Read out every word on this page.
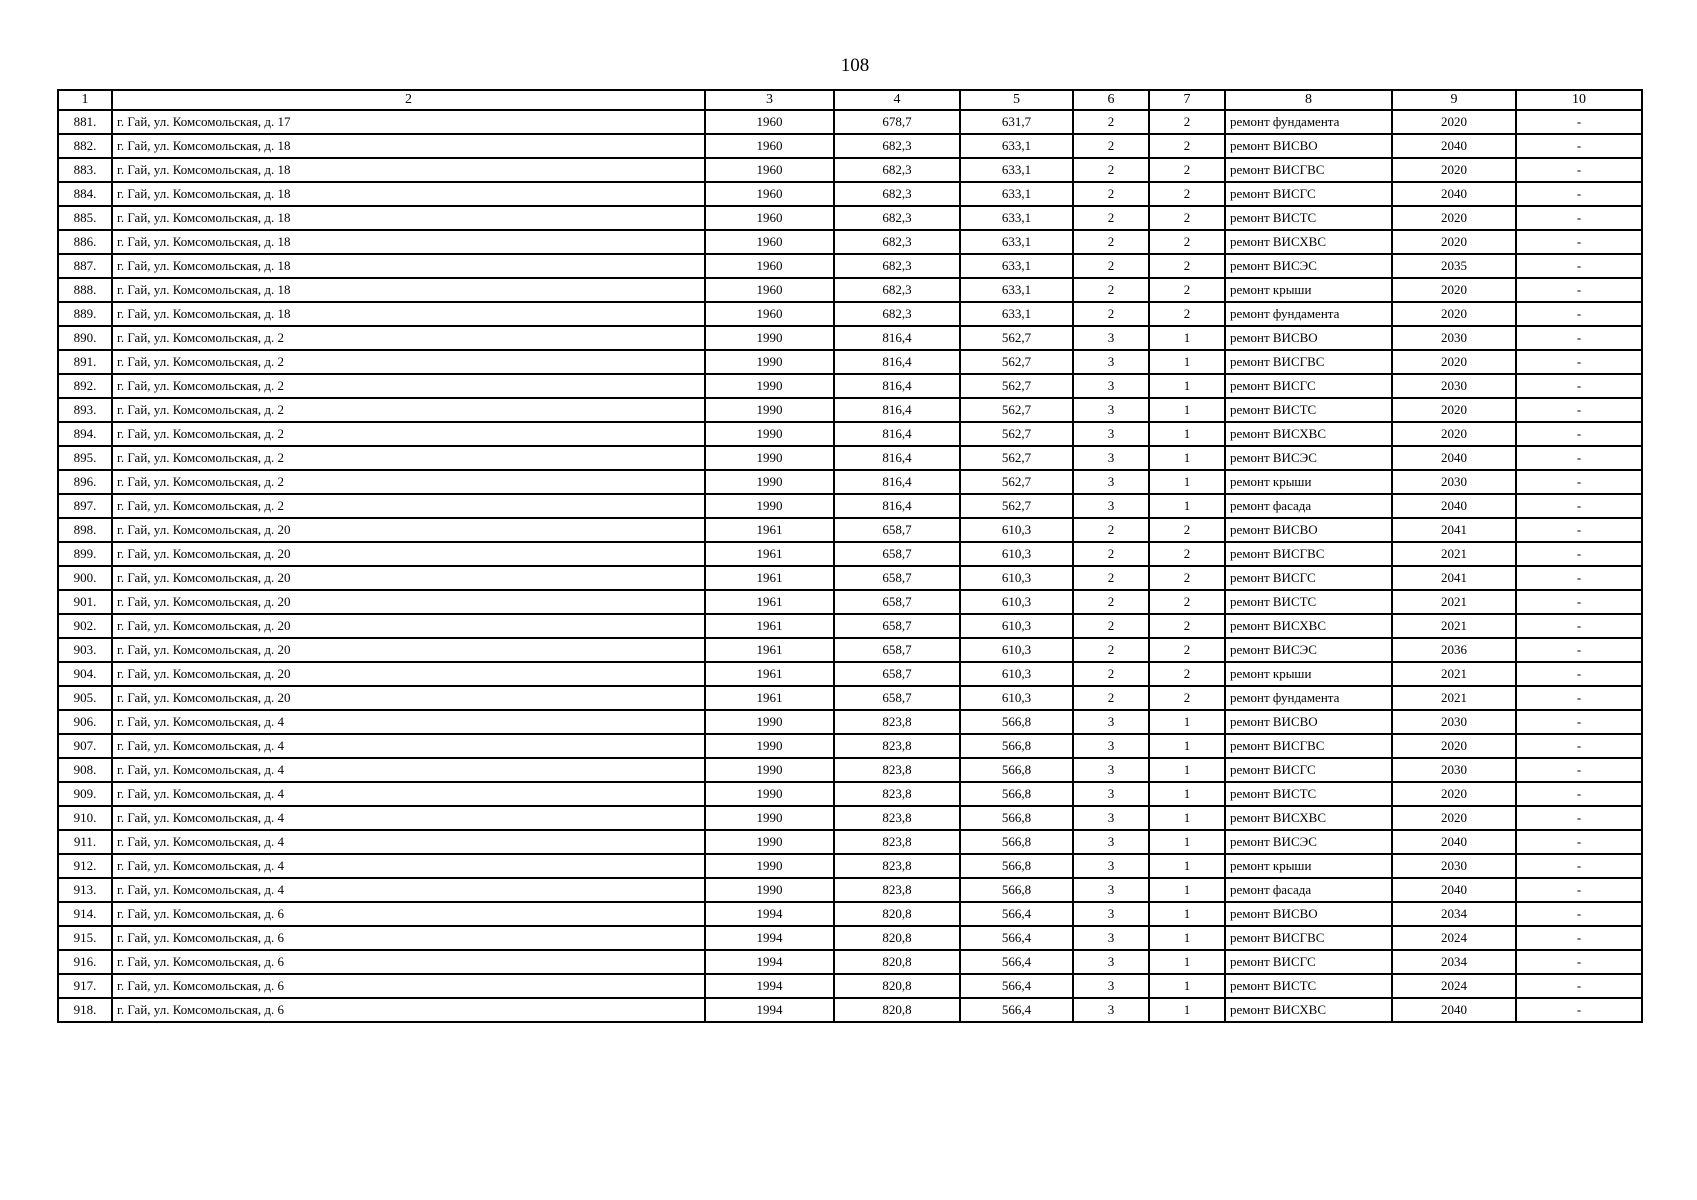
108
1	2	3	4	5	6	7	8	9	10
881.	г. Гай, ул. Комсомольская, д. 17	1960	678,7	631,7	2	2	ремонт фундамента	2020	-
882.	г. Гай, ул. Комсомольская, д. 18	1960	682,3	633,1	2	2	ремонт ВИСВО	2040	-
883.	г. Гай, ул. Комсомольская, д. 18	1960	682,3	633,1	2	2	ремонт ВИСГВС	2020	-
884.	г. Гай, ул. Комсомольская, д. 18	1960	682,3	633,1	2	2	ремонт ВИСГС	2040	-
885.	г. Гай, ул. Комсомольская, д. 18	1960	682,3	633,1	2	2	ремонт ВИСТС	2020	-
886.	г. Гай, ул. Комсомольская, д. 18	1960	682,3	633,1	2	2	ремонт ВИСХВС	2020	-
887.	г. Гай, ул. Комсомольская, д. 18	1960	682,3	633,1	2	2	ремонт ВИСЭС	2035	-
888.	г. Гай, ул. Комсомольская, д. 18	1960	682,3	633,1	2	2	ремонт крыши	2020	-
889.	г. Гай, ул. Комсомольская, д. 18	1960	682,3	633,1	2	2	ремонт фундамента	2020	-
890.	г. Гай, ул. Комсомольская, д. 2	1990	816,4	562,7	3	1	ремонт ВИСВО	2030	-
891.	г. Гай, ул. Комсомольская, д. 2	1990	816,4	562,7	3	1	ремонт ВИСГВС	2020	-
892.	г. Гай, ул. Комсомольская, д. 2	1990	816,4	562,7	3	1	ремонт ВИСГС	2030	-
893.	г. Гай, ул. Комсомольская, д. 2	1990	816,4	562,7	3	1	ремонт ВИСТС	2020	-
894.	г. Гай, ул. Комсомольская, д. 2	1990	816,4	562,7	3	1	ремонт ВИСХВС	2020	-
895.	г. Гай, ул. Комсомольская, д. 2	1990	816,4	562,7	3	1	ремонт ВИСЭС	2040	-
896.	г. Гай, ул. Комсомольская, д. 2	1990	816,4	562,7	3	1	ремонт крыши	2030	-
897.	г. Гай, ул. Комсомольская, д. 2	1990	816,4	562,7	3	1	ремонт фасада	2040	-
898.	г. Гай, ул. Комсомольская, д. 20	1961	658,7	610,3	2	2	ремонт ВИСВО	2041	-
899.	г. Гай, ул. Комсомольская, д. 20	1961	658,7	610,3	2	2	ремонт ВИСГВС	2021	-
900.	г. Гай, ул. Комсомольская, д. 20	1961	658,7	610,3	2	2	ремонт ВИСГС	2041	-
901.	г. Гай, ул. Комсомольская, д. 20	1961	658,7	610,3	2	2	ремонт ВИСТС	2021	-
902.	г. Гай, ул. Комсомольская, д. 20	1961	658,7	610,3	2	2	ремонт ВИСХВС	2021	-
903.	г. Гай, ул. Комсомольская, д. 20	1961	658,7	610,3	2	2	ремонт ВИСЭС	2036	-
904.	г. Гай, ул. Комсомольская, д. 20	1961	658,7	610,3	2	2	ремонт крыши	2021	-
905.	г. Гай, ул. Комсомольская, д. 20	1961	658,7	610,3	2	2	ремонт фундамента	2021	-
906.	г. Гай, ул. Комсомольская, д. 4	1990	823,8	566,8	3	1	ремонт ВИСВО	2030	-
907.	г. Гай, ул. Комсомольская, д. 4	1990	823,8	566,8	3	1	ремонт ВИСГВС	2020	-
908.	г. Гай, ул. Комсомольская, д. 4	1990	823,8	566,8	3	1	ремонт ВИСГС	2030	-
909.	г. Гай, ул. Комсомольская, д. 4	1990	823,8	566,8	3	1	ремонт ВИСТС	2020	-
910.	г. Гай, ул. Комсомольская, д. 4	1990	823,8	566,8	3	1	ремонт ВИСХВС	2020	-
911.	г. Гай, ул. Комсомольская, д. 4	1990	823,8	566,8	3	1	ремонт ВИСЭС	2040	-
912.	г. Гай, ул. Комсомольская, д. 4	1990	823,8	566,8	3	1	ремонт крыши	2030	-
913.	г. Гай, ул. Комсомольская, д. 4	1990	823,8	566,8	3	1	ремонт фасада	2040	-
914.	г. Гай, ул. Комсомольская, д. 6	1994	820,8	566,4	3	1	ремонт ВИСВО	2034	-
915.	г. Гай, ул. Комсомольская, д. 6	1994	820,8	566,4	3	1	ремонт ВИСГВС	2024	-
916.	г. Гай, ул. Комсомольская, д. 6	1994	820,8	566,4	3	1	ремонт ВИСГС	2034	-
917.	г. Гай, ул. Комсомольская, д. 6	1994	820,8	566,4	3	1	ремонт ВИСТС	2024	-
918.	г. Гай, ул. Комсомольская, д. 6	1994	820,8	566,4	3	1	ремонт ВИСХВС	2040	-
